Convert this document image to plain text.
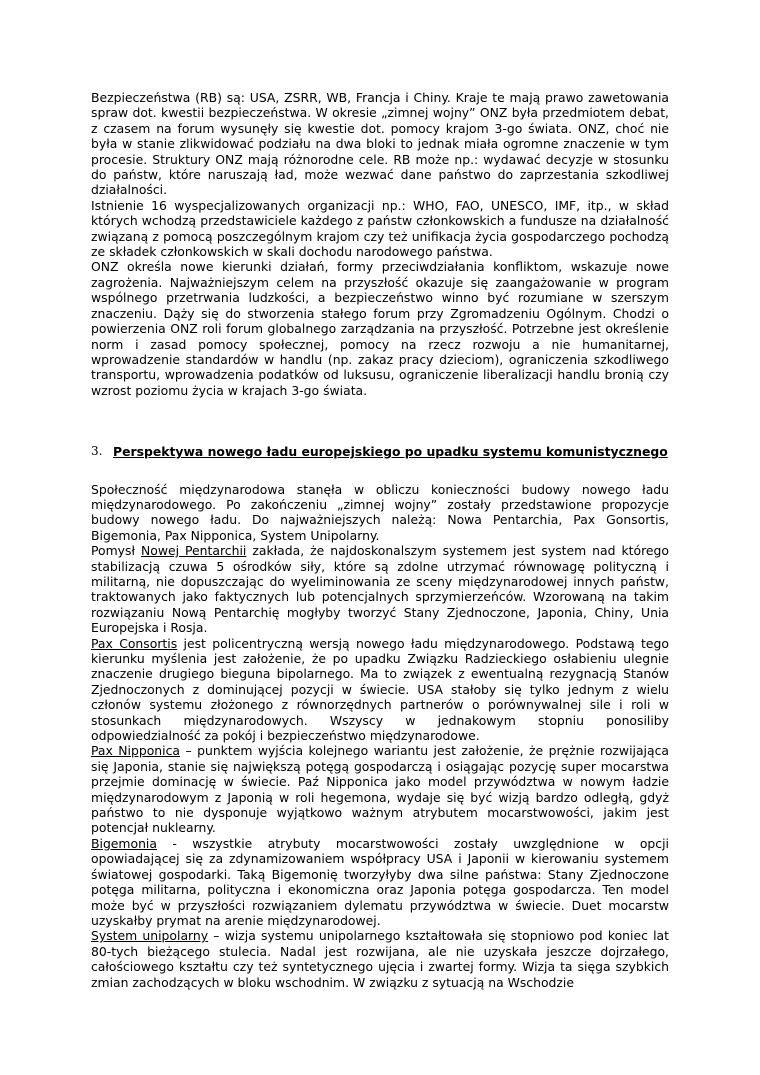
Bezpieczeństwa (RB) są: USA, ZSRR, WB, Francja i Chiny. Kraje te mają prawo zawetowania spraw dot. kwestii bezpieczeństwa. W okresie „zimnej wojny” ONZ była przedmiotem debat, z czasem na forum wysunęły się kwestie dot. pomocy krajom 3-go świata. ONZ, choć nie była w stanie zlikwidować podziału na dwa bloki to jednak miała ogromne znaczenie w tym procesie. Struktury ONZ mają różnorodne cele. RB może np.: wydawać decyzje w stosunku do państw, które naruszają ład, może wezwać dane państwo do zaprzestania szkodliwej działalności.

Istnienie 16 wyspecjalizowanych organizacji np.: WHO, FAO, UNESCO, IMF, itp., w skład których wchodzą przedstawiciele każdego z państw członkowskich a fundusze na działalność związaną z pomocą poszczególnym krajom czy też unifikacja życia gospodarczego pochodzą ze składek członkowskich w skali dochodu narodowego państwa.

ONZ określa nowe kierunki działań, formy przeciwdziałania konfliktom, wskazuje nowe zagrożenia. Najważniejszym celem na przyszłość okazuje się zaangażowanie w program wspólnego przetrwania ludzkości, a bezpieczeństwo winno być rozumiane w szerszym znaczeniu. Dąży się do stworzenia stałego forum przy Zgromadzeniu Ogólnym. Chodzi o powierzenia ONZ roli forum globalnego zarządzania na przyszłość. Potrzebne jest określenie norm i zasad pomocy społecznej, pomocy na rzecz rozwoju a nie humanitarnej, wprowadzenie standardów w handlu (np. zakaz pracy dzieciom), ograniczenia szkodliwego transportu, wprowadzenia podatków od luksusu, ograniczenie liberalizacji handlu bronią czy wzrost poziomu życia w krajach 3-go świata.

3. Perspektywa nowego ładu europejskiego po upadku systemu komunistycznego

Społeczność międzynarodowa stanęła w obliczu konieczności budowy nowego ładu międzynarodowego. Po zakończeniu „zimnej wojny” zostały przedstawione propozycje budowy nowego ładu. Do najważniejszych należą: Nowa Pentarchia, Pax Gonsortis, Bigemonia, Pax Nipponica, System Unipolarny.

Pomysł Nowej Pentarchii zakłada, że najdoskonalszym systemem jest system nad którego stabilizacją czuwa 5 ośrodków siły, które są zdolne utrzymać równowagę polityczną i militarną, nie dopuszczając do wyeliminowania ze sceny międzynarodowej innych państw, traktowanych jako faktycznych lub potencjalnych sprzymierzeńców. Wzorowaną na takim rozwiązaniu Nową Pentarchię mogłyby tworzyć Stany Zjednoczone, Japonia, Chiny, Unia Europejska i Rosja.

Pax Consortis jest policentryczną wersją nowego ładu międzynarodowego. Podstawą tego kierunku myślenia jest założenie, że po upadku Związku Radzieckiego osłabieniu ulegnie znaczenie drugiego bieguna bipolarnego. Ma to związek z ewentualną rezygnacją Stanów Zjednoczonych z dominującej pozycji w świecie. USA stałoby się tylko jednym z wielu członów systemu złożonego z równorzędnych partnerów o porównywalnej sile i roli w stosunkach międzynarodowych. Wszyscy w jednakowym stopniu ponosiliby odpowiedzialność za pokój i bezpieczeństwo międzynarodowe.

Pax Nipponica – punktem wyjścia kolejnego wariantu jest założenie, że prężnie rozwijająca się Japonia, stanie się największą potęgą gospodarczą i osiągając pozycję super mocarstwa przejmie dominację w świecie. Paź Nipponica jako model przywództwa w nowym ładzie międzynarodowym z Japonią w roli hegemona, wydaje się być wizją bardzo odległą, gdyż państwo to nie dysponuje wyjątkowo ważnym atrybutem mocarstwowości, jakim jest potencjał nuklearny.

Bigemonia - wszystkie atrybuty mocarstwowości zostały uwzględnione w opcji opowiadającej się za zdynamizowaniem współpracy USA i Japonii w kierowaniu systemem światowej gospodarki. Taką Bigemonię tworzyłyby dwa silne państwa: Stany Zjednoczone potęga militarna, polityczna i ekonomiczna oraz Japonia potęga gospodarcza. Ten model może być w przyszłości rozwiązaniem dylematu przywództwa w świecie. Duet mocarstw uzyskałby prymat na arenie międzynarodowej.

System unipolarny – wizja systemu unipolarnego kształtowała się stopniowo pod koniec lat 80-tych bieżącego stulecia. Nadal jest rozwijana, ale nie uzyskała jeszcze dojrzałego, całościowego kształtu czy też syntetycznego ujęcia i zwartej formy. Wizja ta sięga szybkich zmian zachodzących w bloku wschodnim. W związku z sytuacją na Wschodzie
